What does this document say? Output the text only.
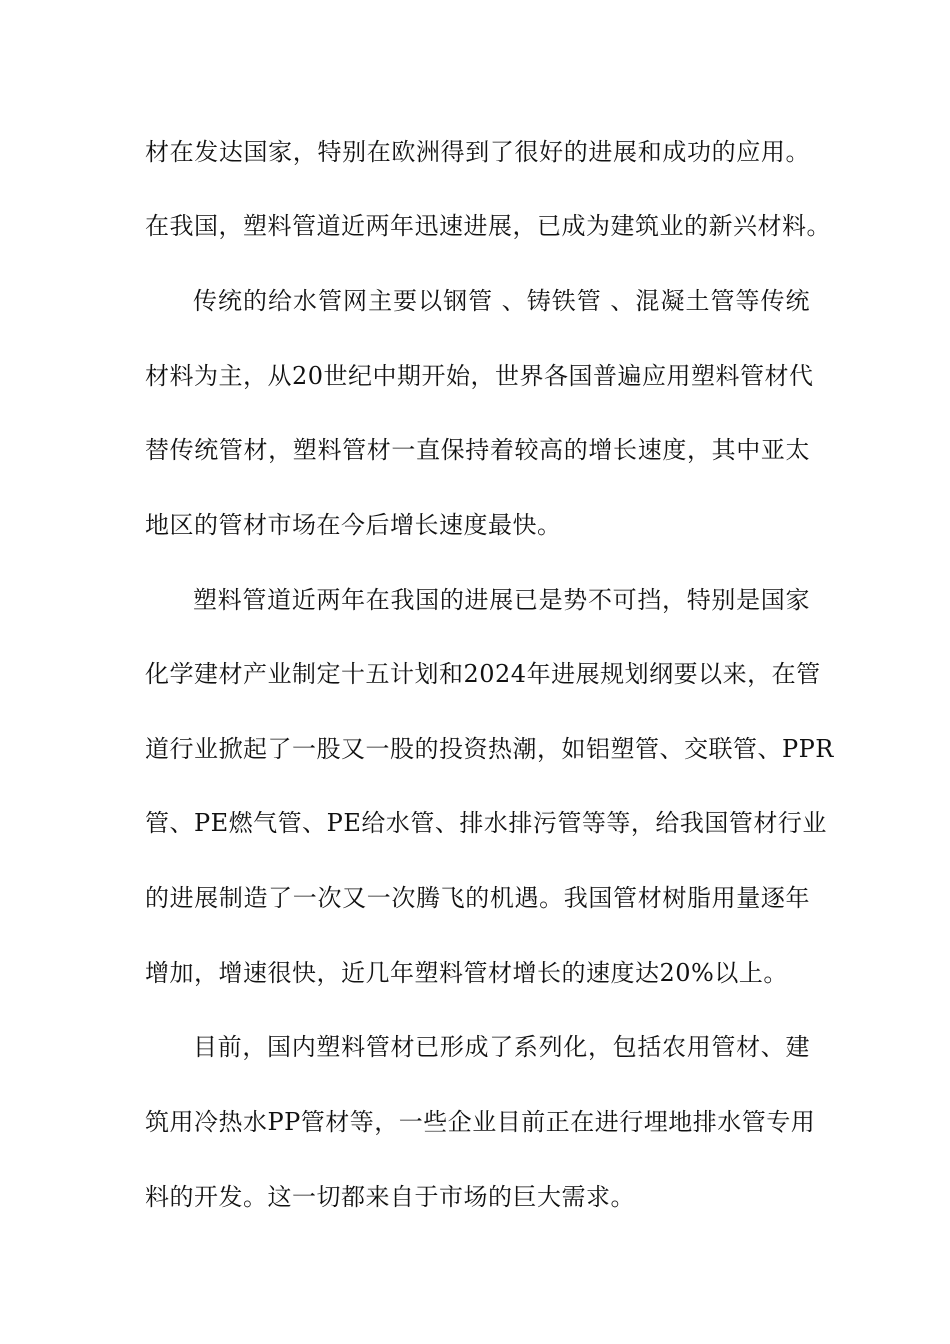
材在发达国家，特别在欧洲得到了很好的进展和成功的应用。
在我国，塑料管道近两年迅速进展，已成为建筑业的新兴材料。
传统的给水管网主要以钢管 、铸铁管 、混凝土管等传统
材料为主，从20世纪中期开始，世界各国普遍应用塑料管材代
替传统管材，塑料管材一直保持着较高的增长速度，其中亚太
地区的管材市场在今后增长速度最快。
塑料管道近两年在我国的进展已是势不可挡，特别是国家
化学建材产业制定十五计划和2024年进展规划纲要以来，在管
道行业掀起了一股又一股的投资热潮，如铝塑管、交联管、PPR
管、PE燃气管、PE给水管、排水排污管等等，给我国管材行业
的进展制造了一次又一次腾飞的机遇。我国管材树脂用量逐年
增加，增速很快，近几年塑料管材增长的速度达20%以上。
目前，国内塑料管材已形成了系列化，包括农用管材、建
筑用冷热水PP管材等，一些企业目前正在进行埋地排水管专用
料的开发。这一切都来自于市场的巨大需求。
